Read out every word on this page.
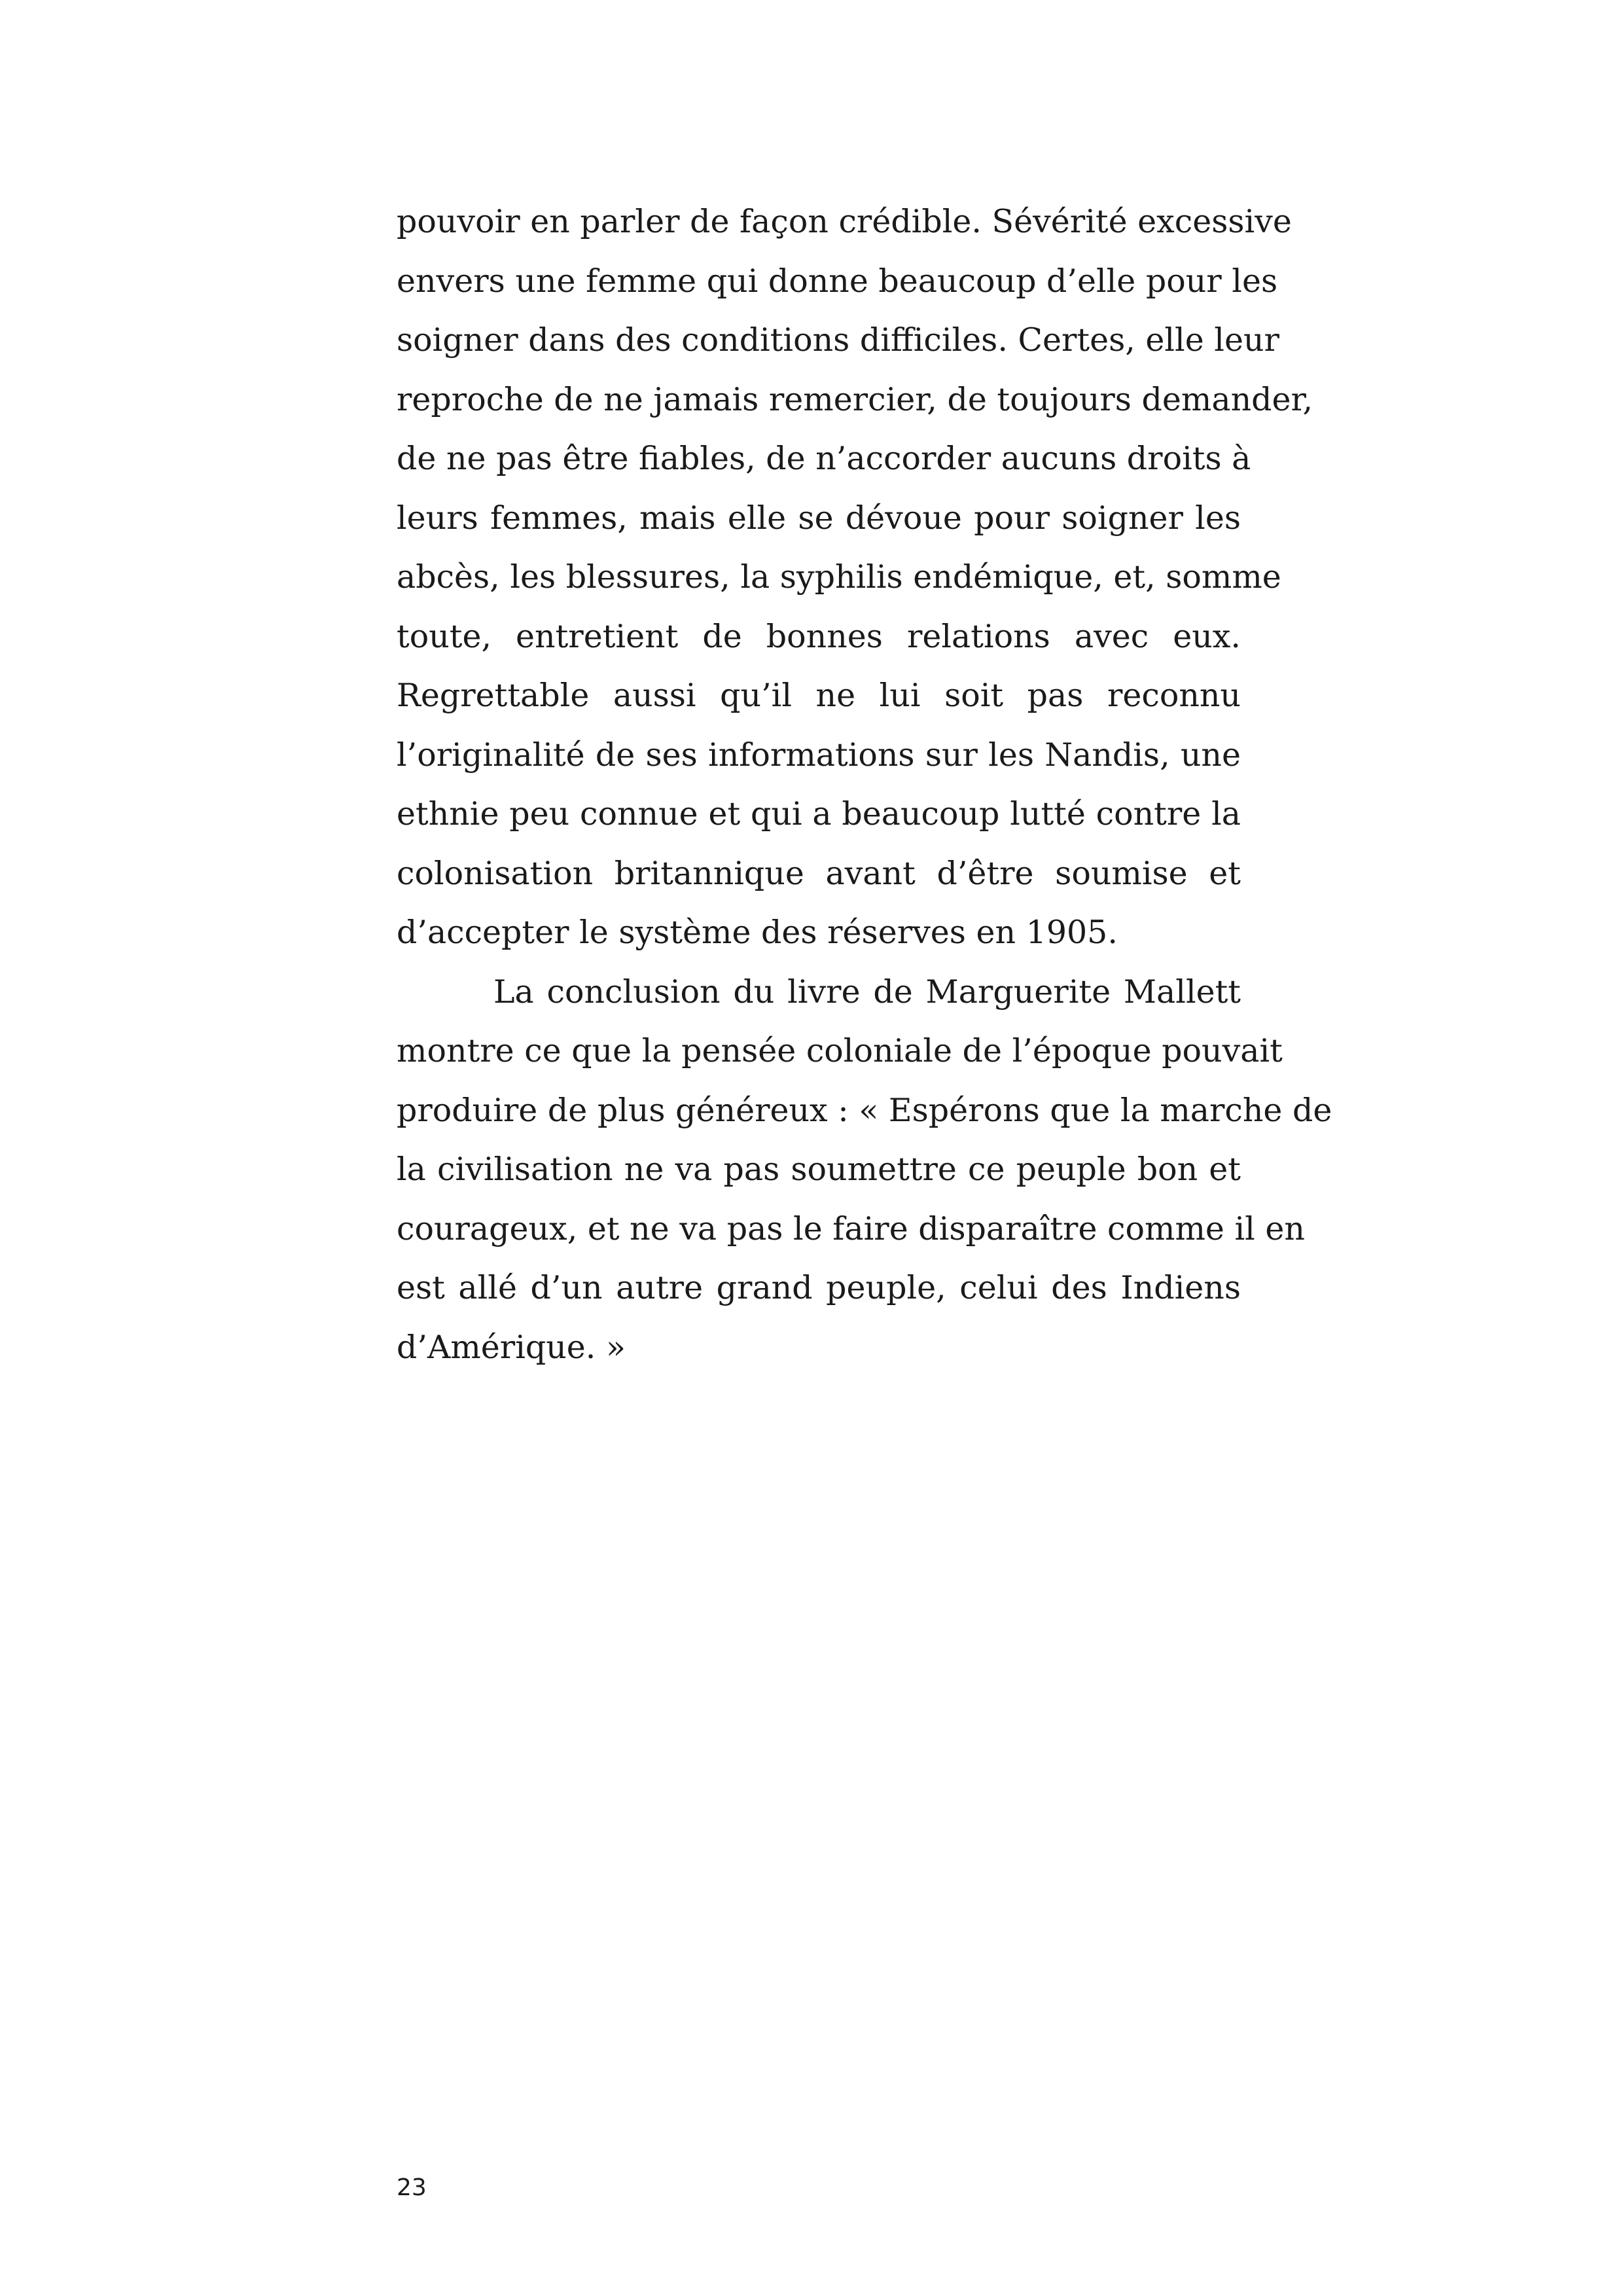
pouvoir en parler de façon crédible. Sévérité excessive
envers une femme qui donne beaucoup d’elle pour les
soigner dans des conditions difficiles. Certes, elle leur
reproche de ne jamais remercier, de toujours demander,
de ne pas être fiables, de n’accorder aucuns droits à
leurs femmes, mais elle se dévoue pour soigner les
abcès, les blessures, la syphilis endémique, et, somme
toute, entretient de bonnes relations avec eux.
Regrettable aussi qu’il ne lui soit pas reconnu
l’originalité de ses informations sur les Nandis, une
ethnie peu connue et qui a beaucoup lutté contre la
colonisation britannique avant d’être soumise et
d’accepter le système des réserves en 1905.
La conclusion du livre de Marguerite Mallett
montre ce que la pensée coloniale de l’époque pouvait
produire de plus généreux : « Espérons que la marche de
la civilisation ne va pas soumettre ce peuple bon et
courageux, et ne va pas le faire disparaître comme il en
est allé d’un autre grand peuple, celui des Indiens
d’Amérique. »
23
